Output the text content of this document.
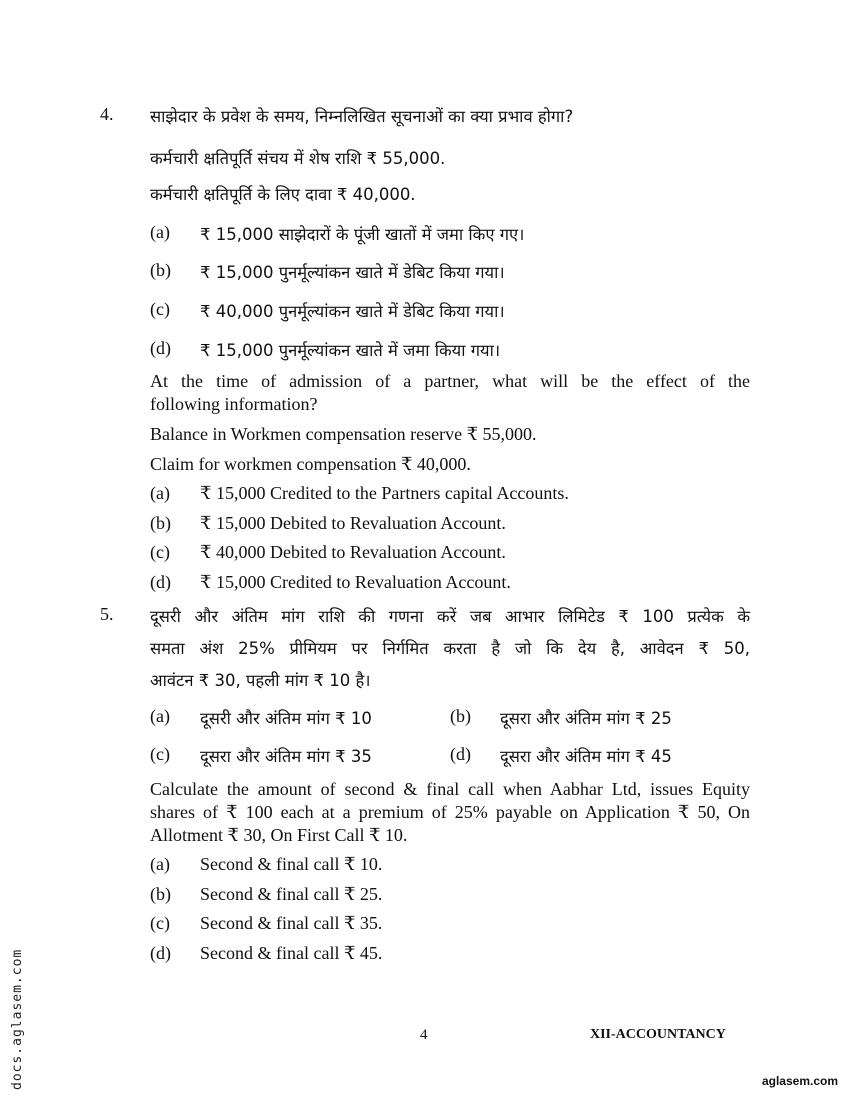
4. साझेदार के प्रवेश के समय, निम्नलिखित सूचनाओं का क्या प्रभाव होगा?
कर्मचारी क्षतिपूर्ति संचय में शेष राशि ₹ 55,000.
कर्मचारी क्षतिपूर्ति के लिए दावा ₹ 40,000.
(a) ₹ 15,000 साझेदारों के पूंजी खातों में जमा किए गए।
(b) ₹ 15,000 पुनर्मूल्यांकन खाते में डेबिट किया गया।
(c) ₹ 40,000 पुनर्मूल्यांकन खाते में डेबिट किया गया।
(d) ₹ 15,000 पुनर्मूल्यांकन खाते में जमा किया गया।
At the time of admission of a partner, what will be the effect of the
following information?
Balance in Workmen compensation reserve ₹ 55,000.
Claim for workmen compensation ₹ 40,000.
(a) ₹ 15,000 Credited to the Partners capital Accounts.
(b) ₹ 15,000 Debited to Revaluation Account.
(c) ₹ 40,000 Debited to Revaluation Account.
(d) ₹ 15,000 Credited to Revaluation Account.
5. दूसरी और अंतिम मांग राशि की गणना करें जब आभार लिमिटेड ₹ 100 प्रत्येक के
समता अंश 25% प्रीमियम पर निर्गमित करता है जो कि देय है, आवेदन ₹ 50,
आवंटन ₹ 30, पहली मांग ₹ 10 है।
(a) दूसरी और अंतिम मांग ₹ 10	(b) दूसरा और अंतिम मांग ₹ 25
(c) दूसरा और अंतिम मांग ₹ 35	(d) दूसरा और अंतिम मांग ₹ 45
Calculate the amount of second & final call when Aabhar Ltd, issues Equity
shares of ₹ 100 each at a premium of 25% payable on Application ₹ 50, On
Allotment ₹ 30, On First Call ₹ 10.
(a) Second & final call ₹ 10.
(b) Second & final call ₹ 25.
(c) Second & final call ₹ 35.
(d) Second & final call ₹ 45.
4	XII-ACCOUNTANCY
aglasem.com
docs.aglasem.com
